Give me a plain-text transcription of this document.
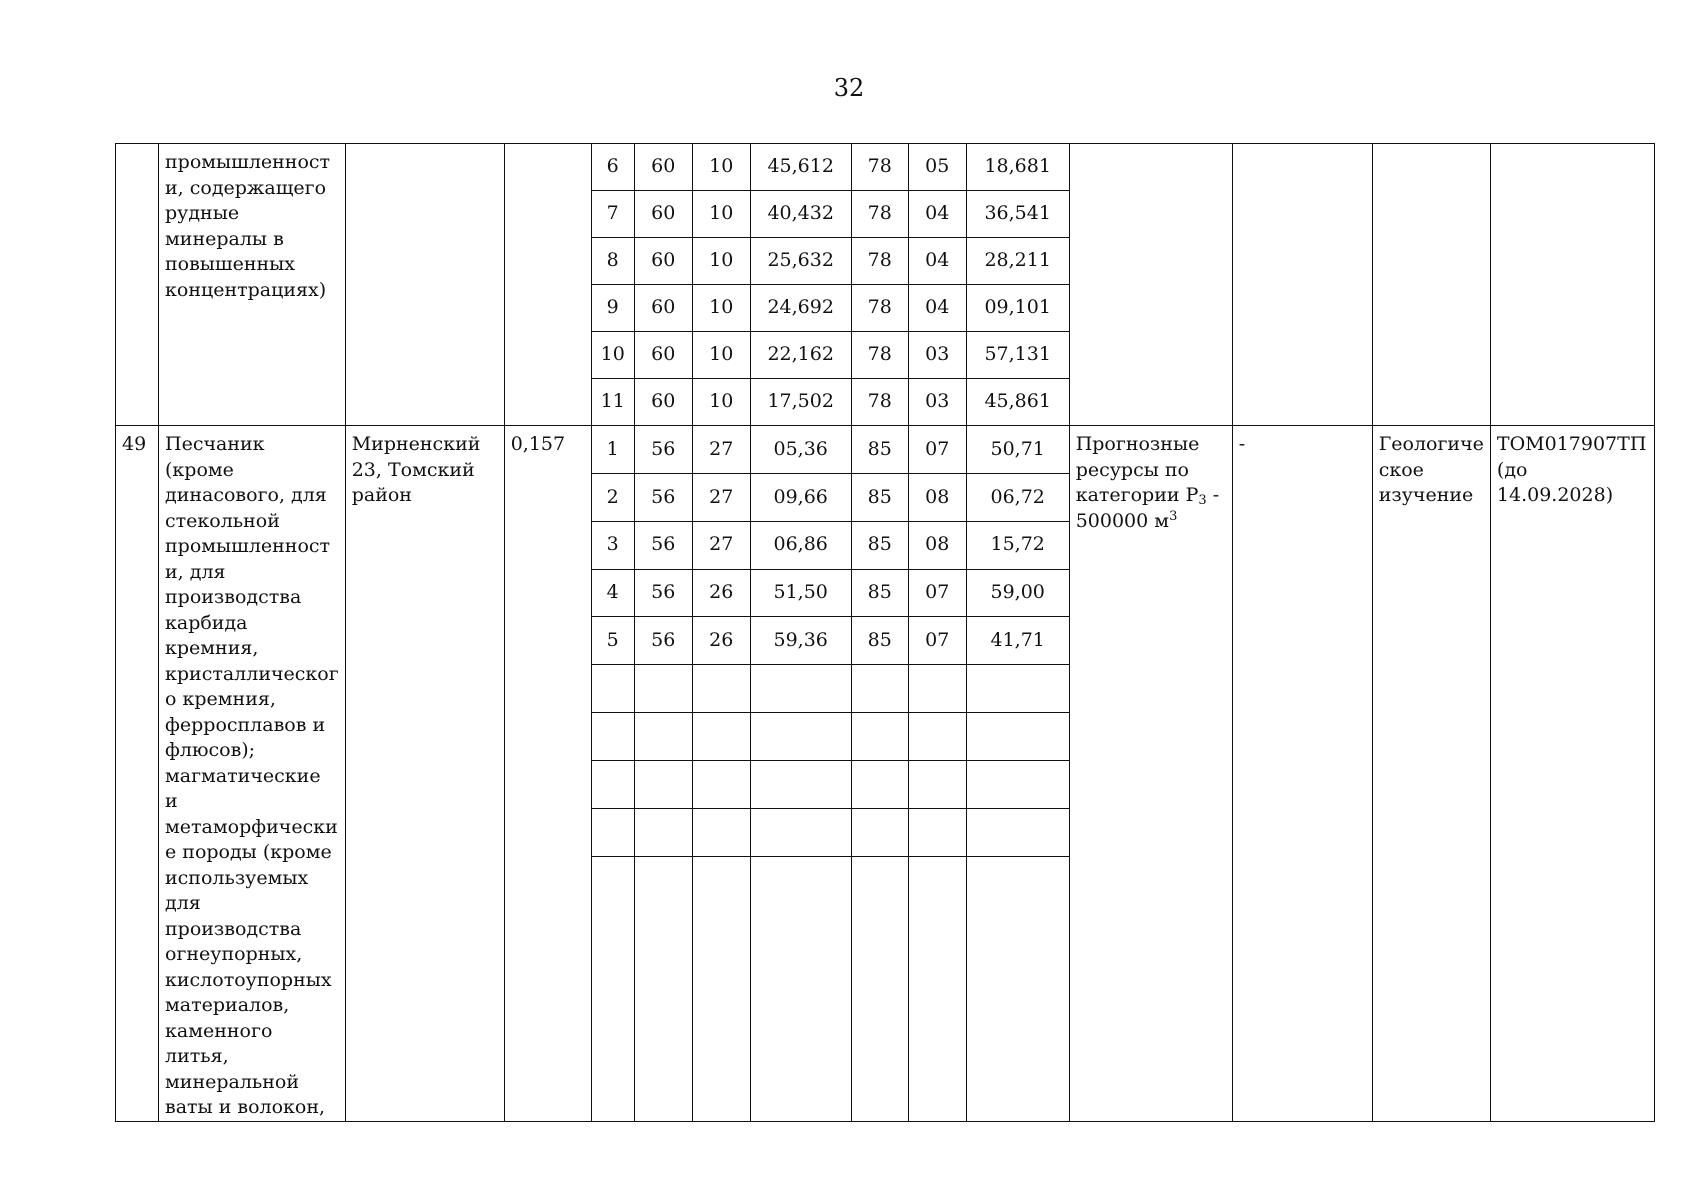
32
	промышленност и, содержащего рудные минералы в повышенных концентрациях)			6	60	10	45,612	78	05	18,681				
				7	60	10	40,432	78	04	36,541				
				8	60	10	25,632	78	04	28,211				
				9	60	10	24,692	78	04	09,101				
				10	60	10	22,162	78	03	57,131				
				11	60	10	17,502	78	03	45,861				
49	Песчаник (кроме динасового, для стекольной промышленност и, для производства карбида кремния, кристаллическог о кремния, ферросплавов и флюсов); магматические и метаморфически е породы (кроме используемых для производства огнеупорных, кислотоупорных материалов, каменного литья, минеральной ваты и волокон,	Мирненский 23, Томский район	0,157	1	56	27	05,36	85	07	50,71	Прогнозные ресурсы по категории $P_3 - 500000$ $м^3$	-	Геологиче ское изучение	ТОМ017907ТП (до 14.09.2028)
				2	56	27	09,66	85	08	06,72				
				3	56	27	06,86	85	08	15,72				
				4	56	26	51,50	85	07	59,00				
				5	56	26	59,36	85	07	41,71				
